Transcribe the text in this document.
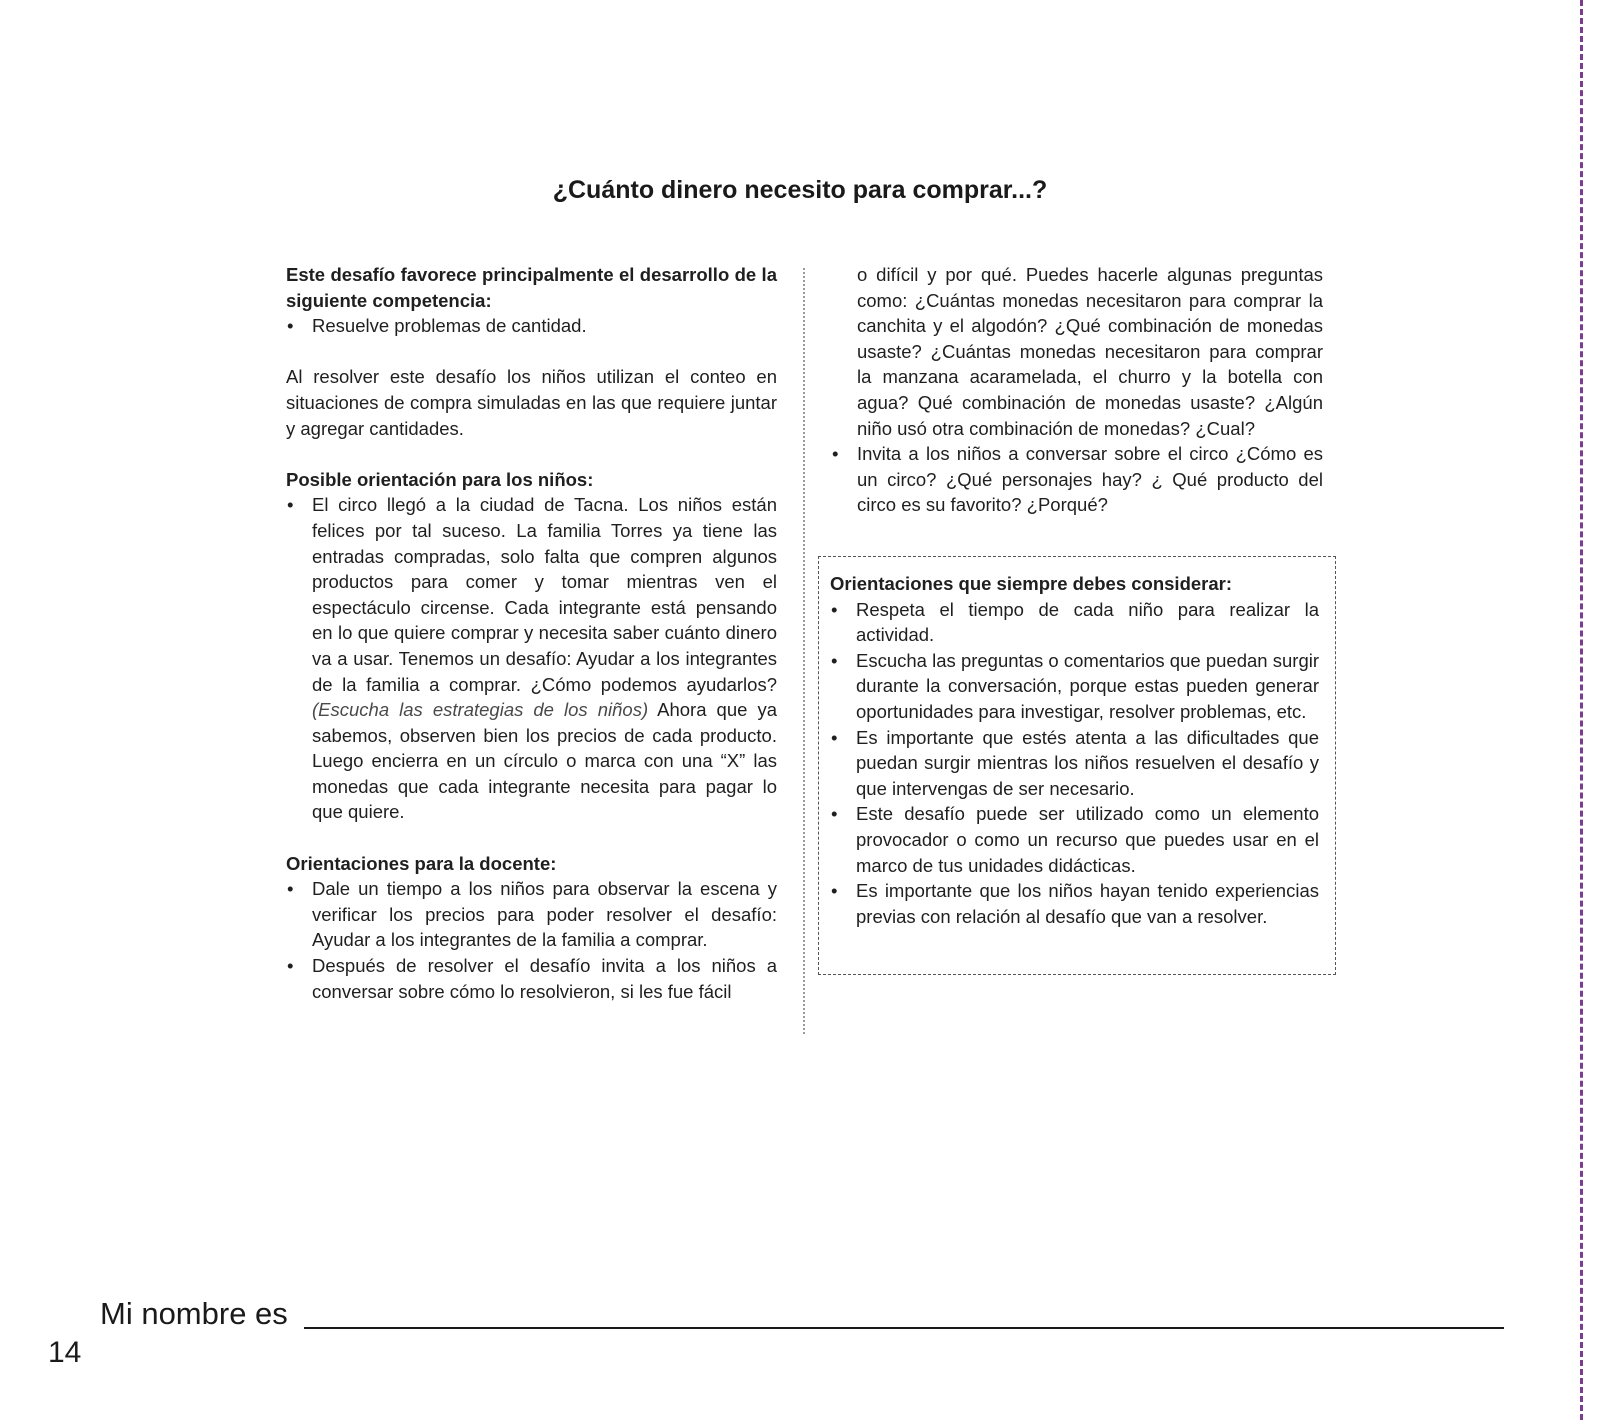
¿Cuánto dinero necesito para comprar...?

Este desafío favorece principalmente el desarrollo de la siguiente competencia:

• Resuelve problemas de cantidad.

Al resolver este desafío los niños utilizan el conteo en situaciones de compra simuladas en las que requiere juntar y agregar cantidades.

Posible orientación para los niños:

• El circo llegó a la ciudad de Tacna. Los niños están felices por tal suceso. La familia Torres ya tiene las entradas compradas, solo falta que compren algunos productos para comer y tomar mientras ven el espectáculo circense. Cada integrante está pensando en lo que quiere comprar y necesita saber cuánto dinero va a usar. Tenemos un desafío: Ayudar a los integrantes de la familia a comprar. ¿Cómo podemos ayudarlos? (Escucha las estrategias de los niños) Ahora que ya sabemos, observen bien los precios de cada producto. Luego encierra en un círculo o marca con una “X” las monedas que cada integrante necesita para pagar lo que quiere.

Orientaciones para la docente:

• Dale un tiempo a los niños para observar la escena y verificar los precios para poder resolver el desafío: Ayudar a los integrantes de la familia a comprar.
• Después de resolver el desafío invita a los niños a conversar sobre cómo lo resolvieron, si les fue fácil

o difícil y por qué. Puedes hacerle algunas preguntas como: ¿Cuántas monedas necesitaron para comprar la canchita y el algodón? ¿Qué combinación de monedas usaste? ¿Cuántas monedas necesitaron para comprar la manzana acaramelada, el churro y la botella con agua? Qué combinación de monedas usaste? ¿Algún niño usó otra combinación de monedas? ¿Cual?

• Invita a los niños a conversar sobre el circo ¿Cómo es un circo? ¿Qué personajes hay? ¿ Qué producto del circo es su favorito? ¿Porqué?

Orientaciones que siempre debes considerar:

• Respeta el tiempo de cada niño para realizar la actividad.
• Escucha las preguntas o comentarios que puedan surgir durante la conversación, porque estas pueden generar oportunidades para investigar, resolver problemas, etc.
• Es importante que estés atenta a las dificultades que puedan surgir mientras los niños resuelven el desafío y que intervengas de ser necesario.
• Este desafío puede ser utilizado como un elemento provocador o como un recurso que puedes usar en el marco de tus unidades didácticas.
• Es importante que los niños hayan tenido experiencias previas con relación al desafío que van a resolver.
Mi nombre es
14
